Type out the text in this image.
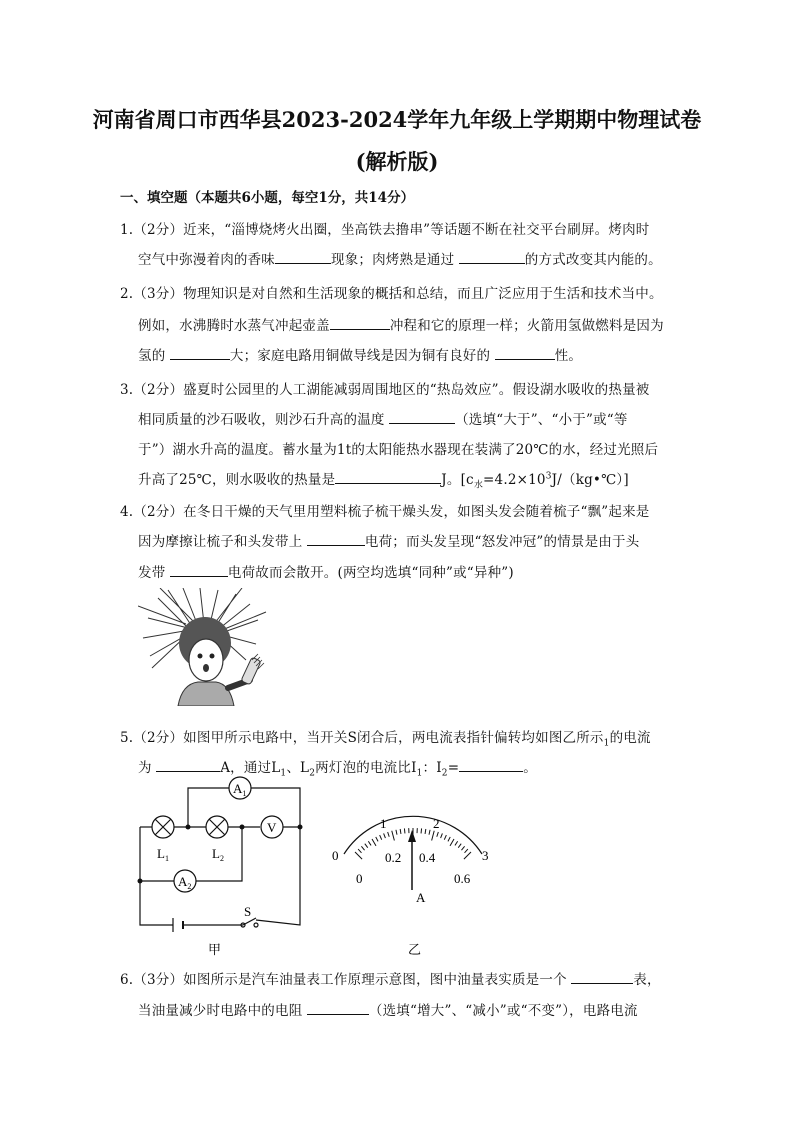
河南省周口市西华县2023-2024学年九年级上学期期中物理试卷
(解析版)
一、填空题（本题共6小题，每空1分，共14分）
1.（2分）近来，“淄博烧烤火出圈，坐高铁去撸串”等话题不断在社交平台刷屏。烤肉时
空气中弥漫着肉的香味	现象；肉烤熟是通过	的方式改变其内能的。
2.（3分）物理知识是对自然和生活现象的概括和总结，而且广泛应用于生活和技术当中。
例如，水沸腾时水蒸气冲起壶盖	冲程和它的原理一样；火箭用氢做燃料是因为
氢的	大；家庭电路用铜做导线是因为铜有良好的	性。
3.（2分）盛夏时公园里的人工湖能减弱周围地区的“热岛效应”。假设湖水吸收的热量被
相同质量的沙石吸收，则沙石升高的温度	（选填“大于”、“小于”或“等
于”）湖水升高的温度。蓄水量为1t的太阳能热水器现在装满了20℃的水，经过光照后
升高了25℃，则水吸收的热量是	J。$[c_水=4.2\times 10^3J/(kg•℃)]$
4.（2分）在冬日干燥的天气里用塑料梳子梳干燥头发，如图头发会随着梳子“飘”起来是
因为摩擦让梳子和头发带上	电荷；而头发呈现“怒发冲冠”的情景是由于头
发带	电荷故而会散开。(两空均选填“同种”或“异种”)
5.（2分）如图甲所示电路中，当开关S闭合后，两电流表指针偏转均如图乙所示$_1$的电流
为	A，通过$L_1$、$L_2$两灯泡的电流比$I_1$：$I_2=$	。
$A_1$
$A_2$
V
$L_1$	$L_2$
S
甲
0
1	2
3
0
0.2 0.4
0.6
A
乙
6.（3分）如图所示是汽车油量表工作原理示意图，图中油量表实质是一个	表，
当油量减少时电路中的电阻	（选填“增大”、“减小”或“不变”），电路电流
